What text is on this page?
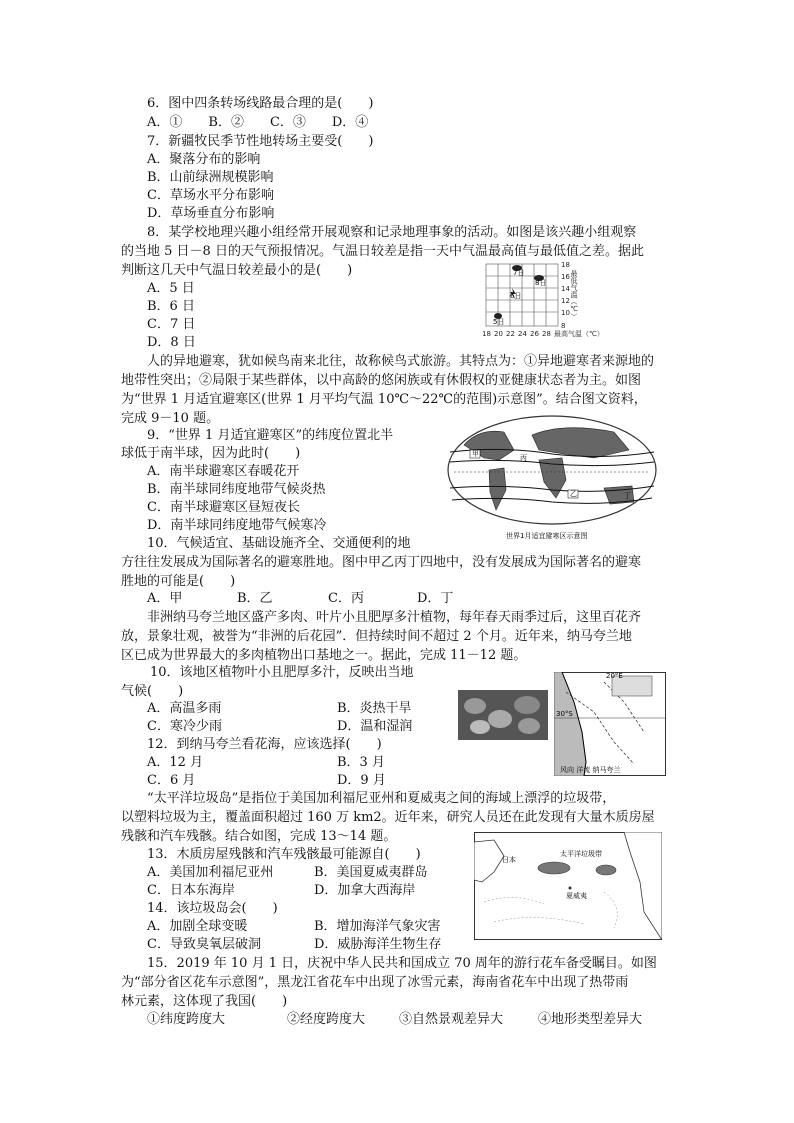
6．图中四条转场线路最合理的是(　　)
A．①　　B．②　　C．③　　D．④
7．新疆牧民季节性地转场主要受(　　)
A．聚落分布的影响
B．山前绿洲规模影响
C．草场水平分布影响
D．草场垂直分布影响
8．某学校地理兴趣小组经常开展观察和记录地理事象的活动。如图是该兴趣小组观察
的当地 5 日－8 日的天气预报情况。气温日较差是指一天中气温最高值与最低值之差。据此
判断这几天中气温日较差最小的是(　　)
A．5 日
B．6 日
C．7 日
D．8 日
7日
8日
6日
5日
18
16
14
12
10
8
18 20 22 24 26 28 最高气温（℃）
最低气温（℃）
人的异地避寒，犹如候鸟南来北往，故称候鸟式旅游。其特点为：①异地避寒者来源地的
地带性突出；②局限于某些群体，以中高龄的悠闲族或有休假权的亚健康状态者为主。如图
为“世界 1 月适宜避寒区(世界 1 月平均气温 10℃～22℃的范围)示意图”。结合图文资料，
完成 9－10 题。
9．“世界 1 月适宜避寒区”的纬度位置北半
球低于南半球，因为此时(　　)
A．南半球避寒区春暖花开
B．南半球同纬度地带气候炎热
C．南半球避寒区昼短夜长
D．南半球同纬度地带气候寒冷
甲	丙
乙	丁
世界1月适宜避寒区示意图
10．气候适宜、基础设施齐全、交通便利的地
方往往发展成为国际著名的避寒胜地。图中甲乙丙丁四地中，没有发展成为国际著名的避寒
胜地的可能是(　　)
A．甲	B．乙	C．丙	D．丁
非洲纳马夸兰地区盛产多肉、叶片小且肥厚多汁植物，每年春天雨季过后，这里百花齐
放，景象壮观，被誉为“非洲的后花园”．但持续时间不超过 2 个月。近年来，纳马夸兰地
区已成为世界最大的多肉植物出口基地之一。据此，完成 11－12 题。
10．该地区植物叶小且肥厚多汁，反映出当地
气候(　　)
A．高温多雨	B．炎热干旱
C．寒冷少雨	D．温和湿润
30°S
20°E
风向 洋流 纳马夸兰
12．到纳马夸兰看花海，应该选择(　　)
A．12 月	B．3 月
C．6 月	D．9 月
“太平洋垃圾岛”是指位于美国加利福尼亚州和夏威夷之间的海域上漂浮的垃圾带，
以塑料垃圾为主，覆盖面积超过 160 万 km2。近年来，研究人员还在此发现有大量木质房屋
残骸和汽车残骸。结合如图，完成 13～14 题。
13．木质房屋残骸和汽车残骸最可能源自(　　)
A．美国加利福尼亚州	B．美国夏威夷群岛
C．日本东海岸	D．加拿大西海岸
日本
太平洋垃圾带
夏威夷
14．该垃圾岛会(　　)
A．加剧全球变暖	B．增加海洋气象灾害
C．导致臭氧层破洞	D．威胁海洋生物生存
15．2019 年 10 月 1 日，庆祝中华人民共和国成立 70 周年的游行花车备受瞩目。如图
为“部分省区花车示意图”，黑龙江省花车中出现了冰雪元素，海南省花车中出现了热带雨
林元素，这体现了我国(　　)
①纬度跨度大	②经度跨度大	③自然景观差异大	④地形类型差异大
